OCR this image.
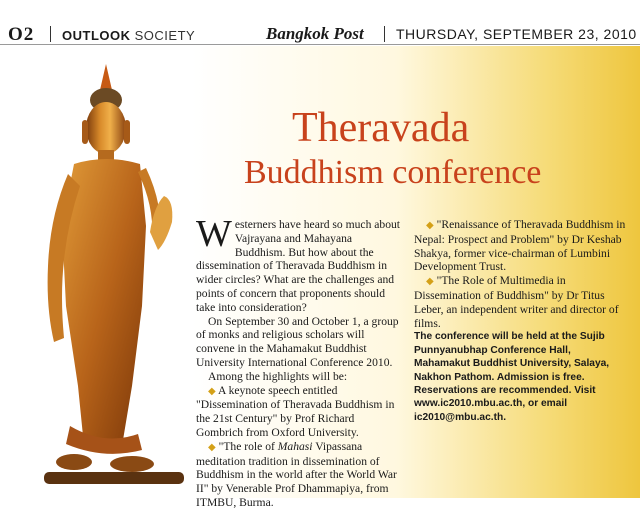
O2 OUTLOOK SOCIETY	Bangkok Post THURSDAY, SEPTEMBER 23, 2010
Theravada
Buddhism conference

Westerners have heard so much about Vajrayana and Mahayana Buddhism. But how about the dissemination of Theravada Buddhism in wider circles? What are the challenges and points of concern that proponents should take into consideration?

On September 30 and October 1, a group of monks and religious scholars will convene in the Mahamakut Buddhist University International Conference 2010.

Among the highlights will be:

◆ A keynote speech entitled "Dissemination of Theravada Buddhism in the 21st Century" by Prof Richard Gombrich from Oxford University.

◆ "The role of Mahasi Vipassana meditation tradition in dissemination of Buddhism in the world after the World War II" by Venerable Prof Dhammapiya, from ITMBU, Burma.

◆ "Renaissance of Theravada Buddhism in Nepal: Prospect and Problem" by Dr Keshab Shakya, former vice-chairman of Lumbini Development Trust.

◆ "The Role of Multimedia in Dissemination of Buddhism" by Dr Titus Leber, an independent writer and director of films.

The conference will be held at the Sujib Punnyanubhap Conference Hall, Mahamakut Buddhist University, Salaya, Nakhon Pathom. Admission is free. Reservations are recommended. Visit www.ic2010.mbu.ac.th, or email ic2010@mbu.ac.th.
